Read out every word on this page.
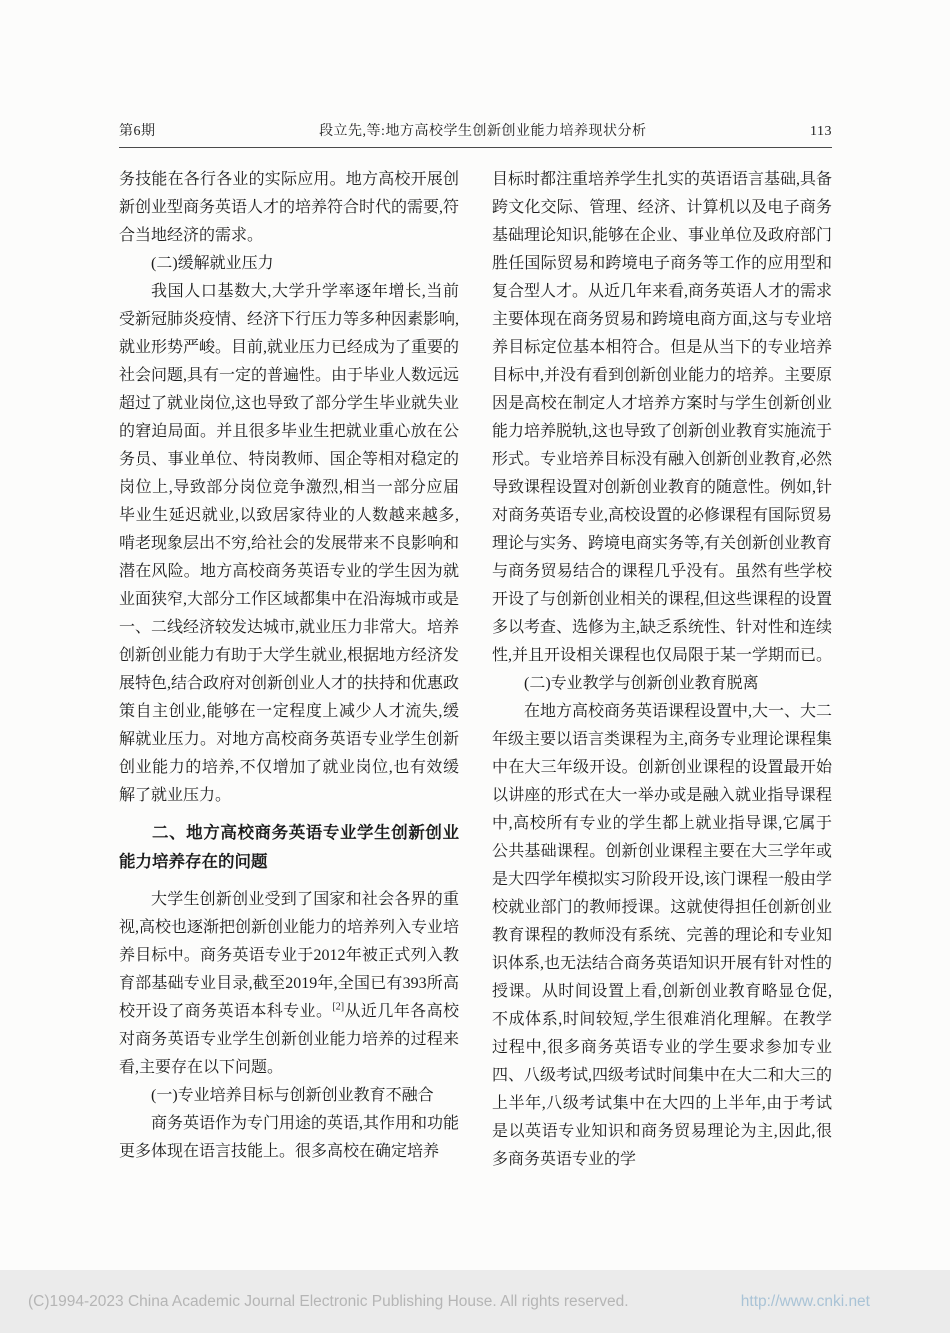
第6期	段立先,等:地方高校学生创新创业能力培养现状分析	113

务技能在各行各业的实际应用。地方高校开展创新创业型商务英语人才的培养符合时代的需要,符合当地经济的需求。

(二)缓解就业压力

我国人口基数大,大学升学率逐年增长,当前受新冠肺炎疫情、经济下行压力等多种因素影响,就业形势严峻。目前,就业压力已经成为了重要的社会问题,具有一定的普遍性。由于毕业人数远远超过了就业岗位,这也导致了部分学生毕业就失业的窘迫局面。并且很多毕业生把就业重心放在公务员、事业单位、特岗教师、国企等相对稳定的岗位上,导致部分岗位竞争激烈,相当一部分应届毕业生延迟就业,以致居家待业的人数越来越多,啃老现象层出不穷,给社会的发展带来不良影响和潜在风险。地方高校商务英语专业的学生因为就业面狭窄,大部分工作区域都集中在沿海城市或是一、二线经济较发达城市,就业压力非常大。培养创新创业能力有助于大学生就业,根据地方经济发展特色,结合政府对创新创业人才的扶持和优惠政策自主创业,能够在一定程度上减少人才流失,缓解就业压力。对地方高校商务英语专业学生创新创业能力的培养,不仅增加了就业岗位,也有效缓解了就业压力。

二、地方高校商务英语专业学生创新创业能力培养存在的问题

大学生创新创业受到了国家和社会各界的重视,高校也逐渐把创新创业能力的培养列入专业培养目标中。商务英语专业于2012年被正式列入教育部基础专业目录,截至2019年,全国已有393所高校开设了商务英语本科专业。[2]从近几年各高校对商务英语专业学生创新创业能力培养的过程来看,主要存在以下问题。

(一)专业培养目标与创新创业教育不融合

商务英语作为专门用途的英语,其作用和功能更多体现在语言技能上。很多高校在确定培养

目标时都注重培养学生扎实的英语语言基础,具备跨文化交际、管理、经济、计算机以及电子商务基础理论知识,能够在企业、事业单位及政府部门胜任国际贸易和跨境电子商务等工作的应用型和复合型人才。从近几年来看,商务英语人才的需求主要体现在商务贸易和跨境电商方面,这与专业培养目标定位基本相符合。但是从当下的专业培养目标中,并没有看到创新创业能力的培养。主要原因是高校在制定人才培养方案时与学生创新创业能力培养脱轨,这也导致了创新创业教育实施流于形式。专业培养目标没有融入创新创业教育,必然导致课程设置对创新创业教育的随意性。例如,针对商务英语专业,高校设置的必修课程有国际贸易理论与实务、跨境电商实务等,有关创新创业教育与商务贸易结合的课程几乎没有。虽然有些学校开设了与创新创业相关的课程,但这些课程的设置多以考查、选修为主,缺乏系统性、针对性和连续性,并且开设相关课程也仅局限于某一学期而已。

(二)专业教学与创新创业教育脱离

在地方高校商务英语课程设置中,大一、大二年级主要以语言类课程为主,商务专业理论课程集中在大三年级开设。创新创业课程的设置最开始以讲座的形式在大一举办或是融入就业指导课程中,高校所有专业的学生都上就业指导课,它属于公共基础课程。创新创业课程主要在大三学年或是大四学年模拟实习阶段开设,该门课程一般由学校就业部门的教师授课。这就使得担任创新创业教育课程的教师没有系统、完善的理论和专业知识体系,也无法结合商务英语知识开展有针对性的授课。从时间设置上看,创新创业教育略显仓促,不成体系,时间较短,学生很难消化理解。在教学过程中,很多商务英语专业的学生要求参加专业四、八级考试,四级考试时间集中在大二和大三的上半年,八级考试集中在大四的上半年,由于考试是以英语专业知识和商务贸易理论为主,因此,很多商务英语专业的学

(C)1994-2023 China Academic Journal Electronic Publishing House. All rights reserved.	http://www.cnki.net
